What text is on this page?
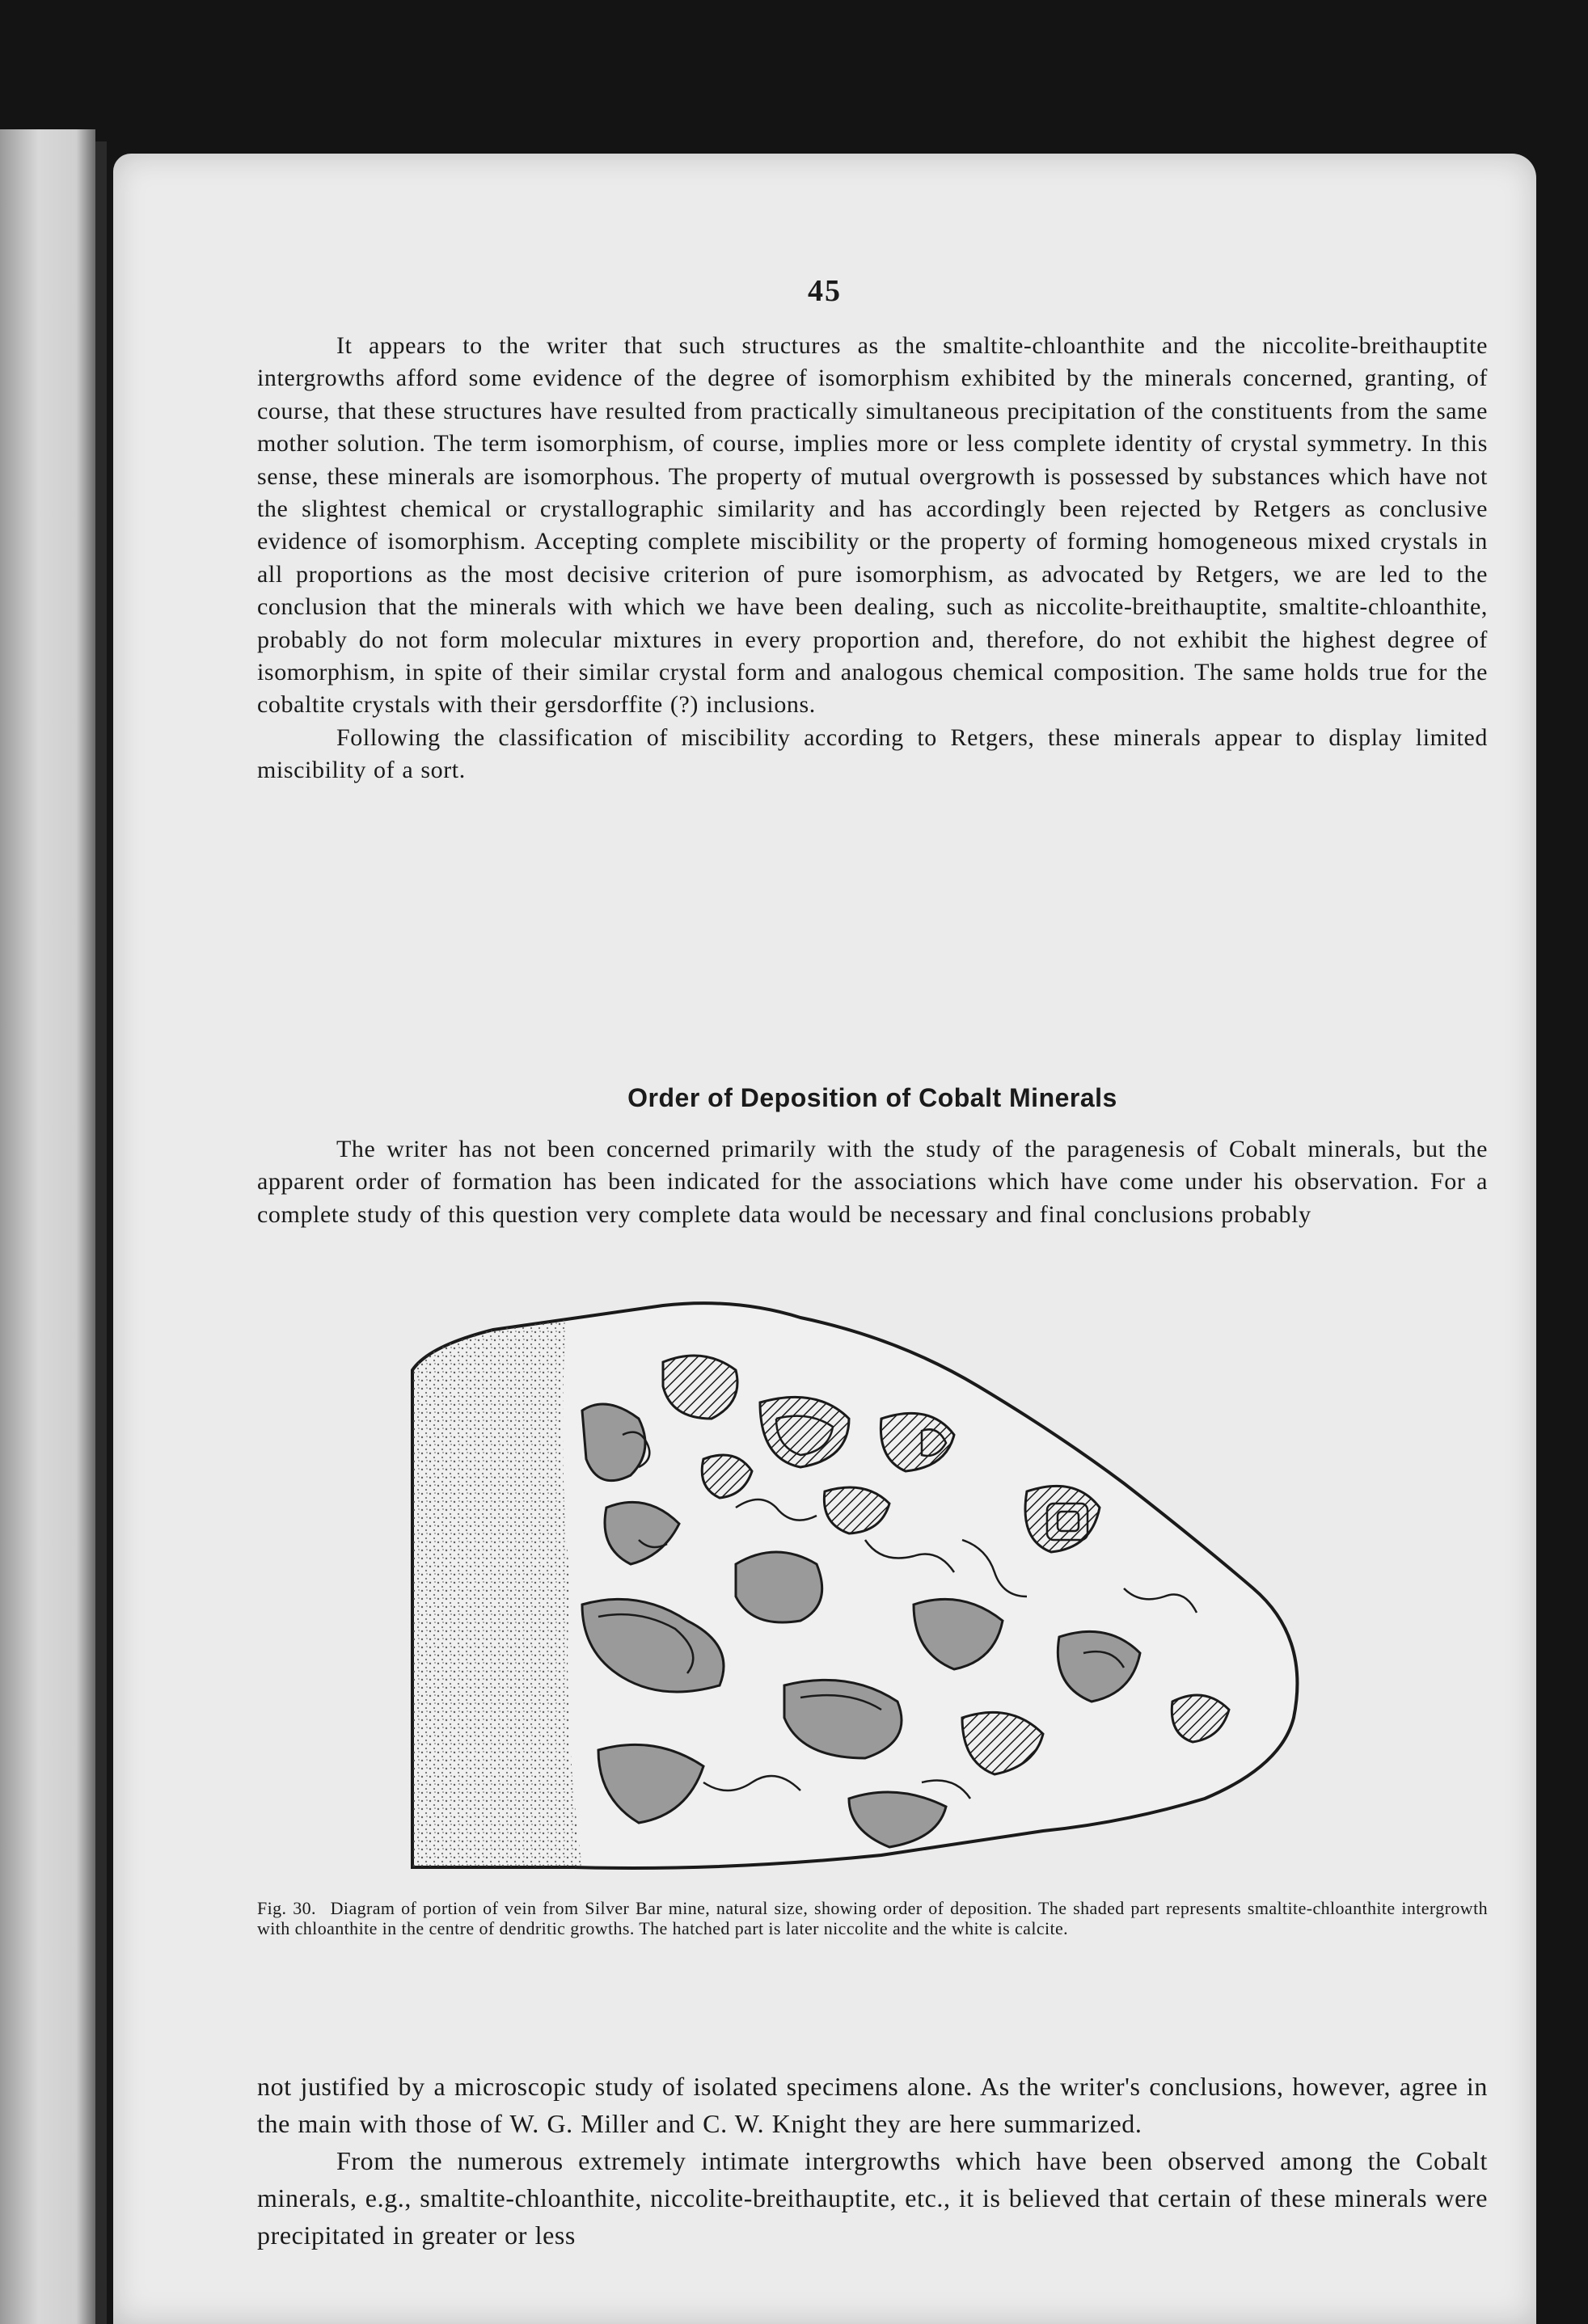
45

It appears to the writer that such structures as the smaltite-chloanthite and the niccolite-breithauptite intergrowths afford some evidence of the degree of isomorphism exhibited by the minerals concerned, granting, of course, that these structures have resulted from practically simultaneous precipitation of the constituents from the same mother solution. The term isomorphism, of course, implies more or less complete identity of crystal symmetry. In this sense, these minerals are isomorphous. The property of mutual overgrowth is possessed by substances which have not the slightest chemical or crystallographic similarity and has accordingly been rejected by Retgers as conclusive evidence of isomorphism. Accepting complete miscibility or the property of forming homogeneous mixed crystals in all proportions as the most decisive criterion of pure isomorphism, as advocated by Retgers, we are led to the conclusion that the minerals with which we have been dealing, such as niccolite-breithauptite, smaltite-chloanthite, probably do not form molecular mixtures in every proportion and, therefore, do not exhibit the highest degree of isomorphism, in spite of their similar crystal form and analogous chemical composition. The same holds true for the cobaltite crystals with their gersdorffite (?) inclusions.

Following the classification of miscibility according to Retgers, these minerals appear to display limited miscibility of a sort.

Order of Deposition of Cobalt Minerals

The writer has not been concerned primarily with the study of the paragenesis of Cobalt minerals, but the apparent order of formation has been indicated for the associations which have come under his observation. For a complete study of this question very complete data would be necessary and final conclusions probably

Fig. 30. Diagram of portion of vein from Silver Bar mine, natural size, showing order of deposition. The shaded part represents smaltite-chloanthite intergrowth with chloanthite in the centre of dendritic growths. The hatched part is later niccolite and the white is calcite.

not justified by a microscopic study of isolated specimens alone. As the writer's conclusions, however, agree in the main with those of W. G. Miller and C. W. Knight they are here summarized.

From the numerous extremely intimate intergrowths which have been observed among the Cobalt minerals, e.g., smaltite-chloanthite, niccolite-breithauptite, etc., it is believed that certain of these minerals were precipitated in greater or less
